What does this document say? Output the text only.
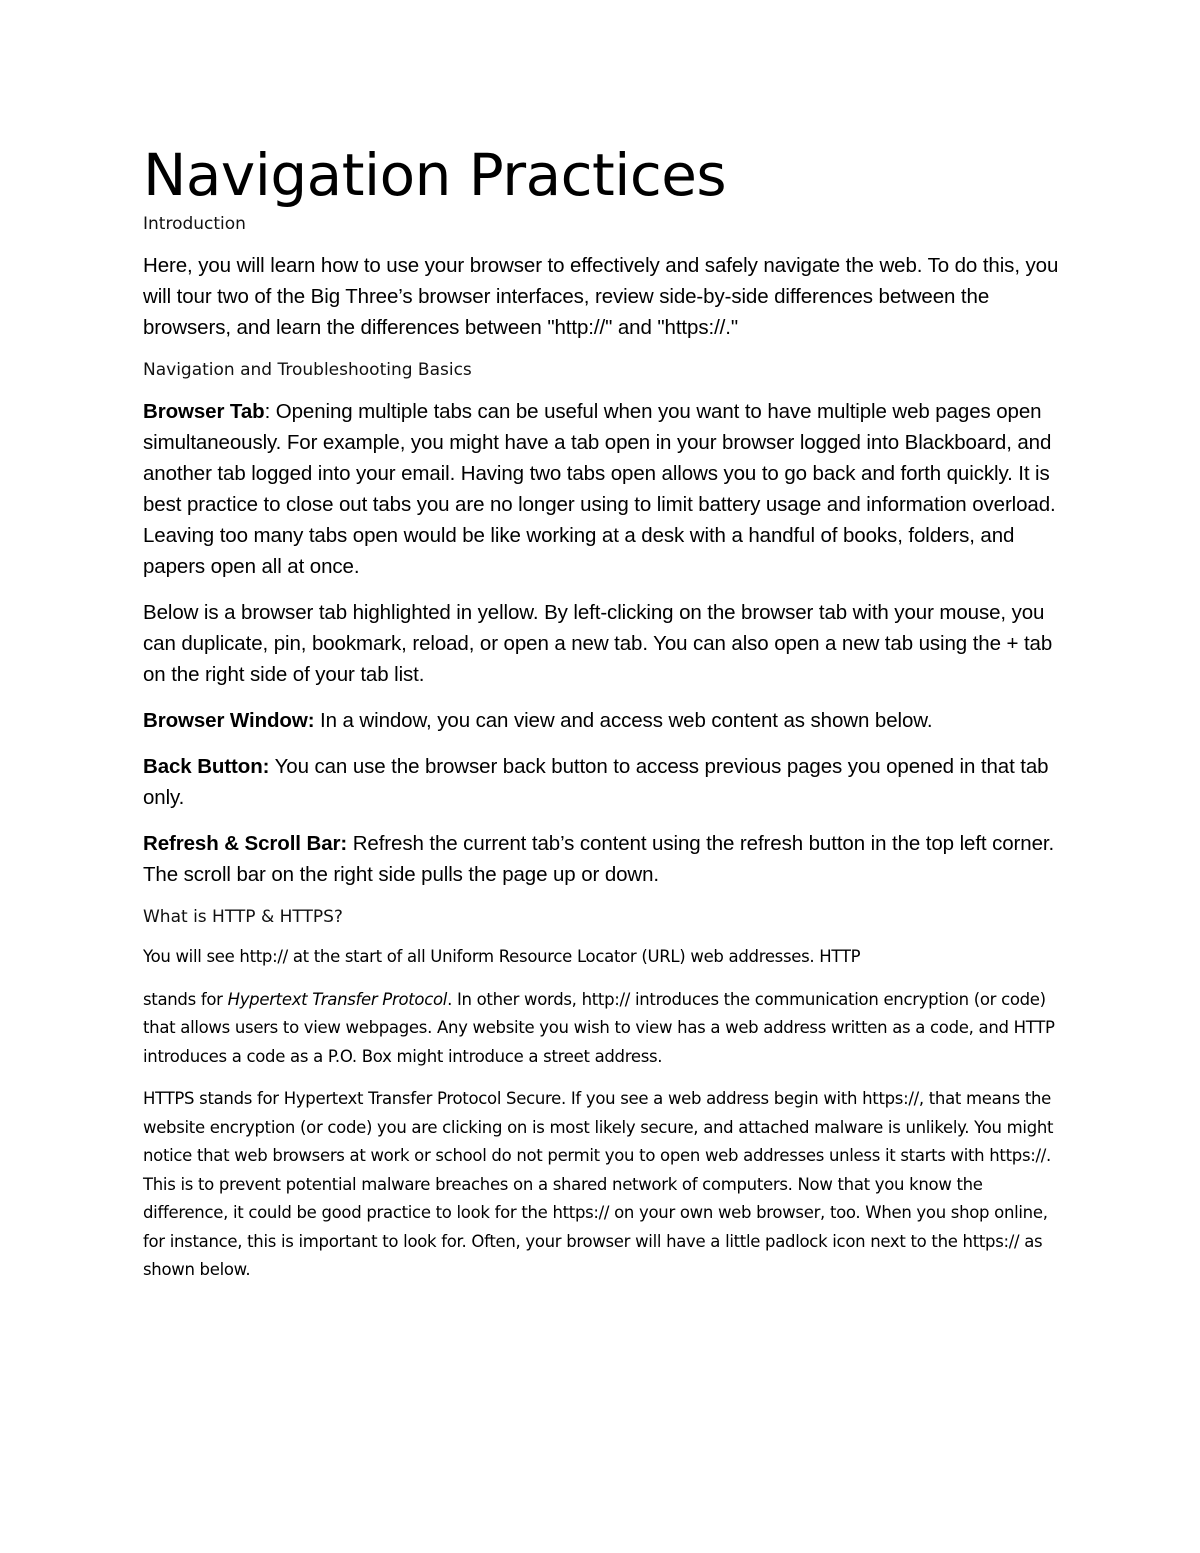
Navigation Practices
Introduction

Here, you will learn how to use your browser to effectively and safely navigate the web. To do this, you will tour two of the Big Three’s browser interfaces, review side-by-side differences between the browsers, and learn the differences between "http://" and "https://."

Navigation and Troubleshooting Basics

Browser Tab: Opening multiple tabs can be useful when you want to have multiple web pages open simultaneously. For example, you might have a tab open in your browser logged into Blackboard, and another tab logged into your email. Having two tabs open allows you to go back and forth quickly. It is best practice to close out tabs you are no longer using to limit battery usage and information overload. Leaving too many tabs open would be like working at a desk with a handful of books, folders, and papers open all at once.

Below is a browser tab highlighted in yellow. By left-clicking on the browser tab with your mouse, you can duplicate, pin, bookmark, reload, or open a new tab. You can also open a new tab using the + tab on the right side of your tab list.

Browser Window: In a window, you can view and access web content as shown below.

Back Button: You can use the browser back button to access previous pages you opened in that tab only.

Refresh & Scroll Bar: Refresh the current tab’s content using the refresh button in the top left corner. The scroll bar on the right side pulls the page up or down.

What is HTTP & HTTPS?

You will see http:// at the start of all Uniform Resource Locator (URL) web addresses. HTTP

stands for Hypertext Transfer Protocol. In other words, http:// introduces the communication encryption (or code) that allows users to view webpages. Any website you wish to view has a web address written as a code, and HTTP introduces a code as a P.O. Box might introduce a street address.

HTTPS stands for Hypertext Transfer Protocol Secure. If you see a web address begin with https://, that means the website encryption (or code) you are clicking on is most likely secure, and attached malware is unlikely. You might notice that web browsers at work or school do not permit you to open web addresses unless it starts with https://. This is to prevent potential malware breaches on a shared network of computers. Now that you know the difference, it could be good practice to look for the https:// on your own web browser, too. When you shop online, for instance, this is important to look for. Often, your browser will have a little padlock icon next to the https:// as shown below.
